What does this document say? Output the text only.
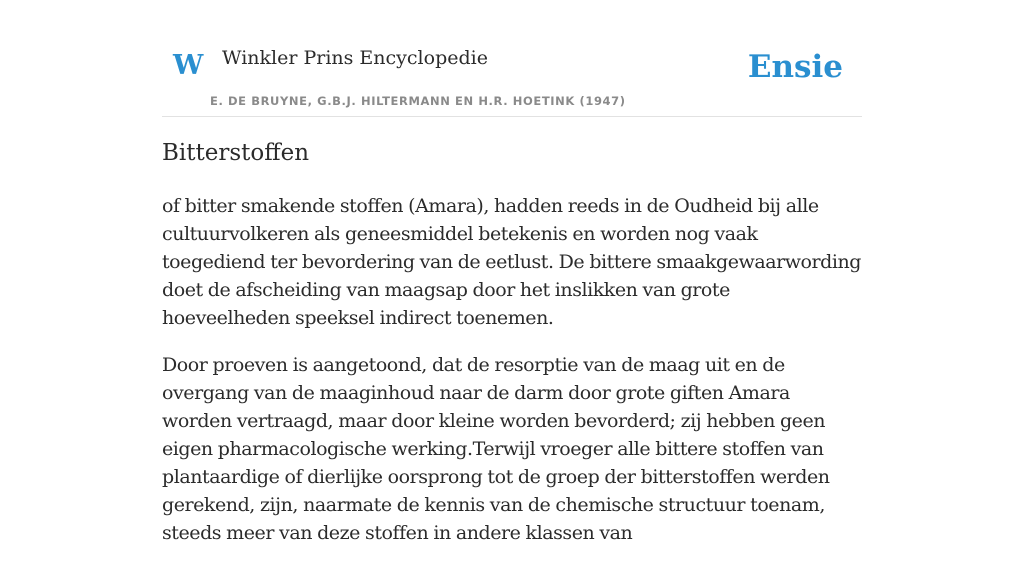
W Winkler Prins Encyclopedie
E. DE BRUYNE, G.B.J. HILTERMANN EN H.R. HOETINK (1947)
Ensie
Bitterstoffen

of bitter smakende stoffen (Amara), hadden reeds in de Oudheid bij alle cultuurvolkeren als geneesmiddel betekenis en worden nog vaak toegediend ter bevordering van de eetlust. De bittere smaakgewaarwording doet de afscheiding van maagsap door het inslikken van grote hoeveelheden speeksel indirect toenemen.

Door proeven is aangetoond, dat de resorptie van de maag uit en de overgang van de maaginhoud naar de darm door grote giften Amara worden vertraagd, maar door kleine worden bevorderd; zij hebben geen eigen pharmacologische werking.Terwijl vroeger alle bittere stoffen van plantaardige of dierlijke oorsprong tot de groep der bitterstoffen werden gerekend, zijn, naarmate de kennis van de chemische structuur toenam, steeds meer van deze stoffen in andere klassen van
